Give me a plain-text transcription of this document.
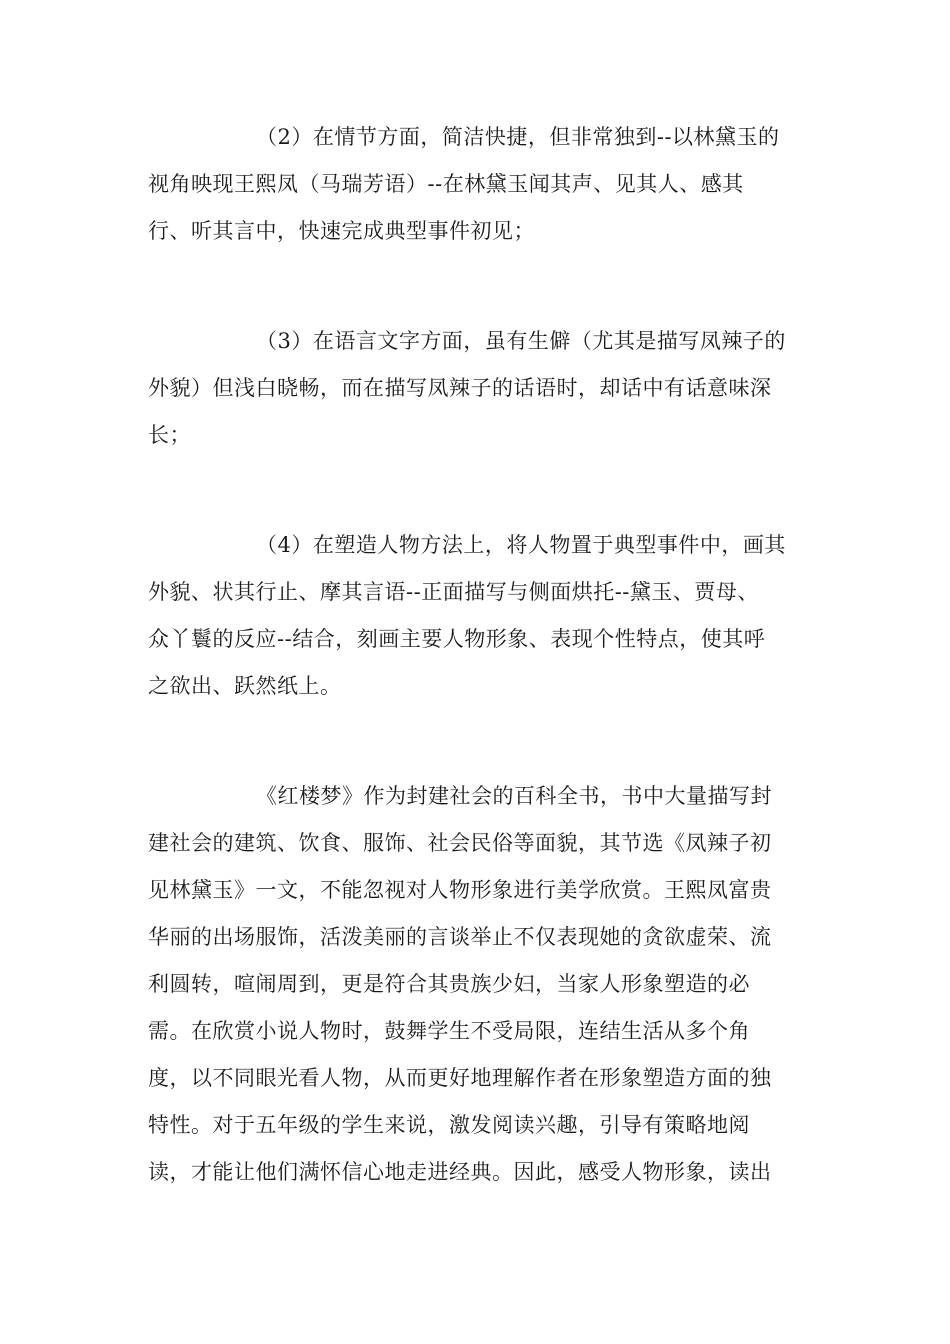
（2）在情节方面，简洁快捷，但非常独到--以林黛玉的
视角映现王熙凤（马瑞芳语）--在林黛玉闻其声、见其人、感其
行、听其言中，快速完成典型事件初见；

（3）在语言文字方面，虽有生僻（尤其是描写凤辣子的
外貌）但浅白晓畅，而在描写凤辣子的话语时，却话中有话意味深
长；

（4）在塑造人物方法上，将人物置于典型事件中，画其
外貌、状其行止、摩其言语--正面描写与侧面烘托--黛玉、贾母、
众丫鬟的反应--结合，刻画主要人物形象、表现个性特点，使其呼
之欲出、跃然纸上。

《红楼梦》作为封建社会的百科全书，书中大量描写封
建社会的建筑、饮食、服饰、社会民俗等面貌，其节选《凤辣子初
见林黛玉》一文，不能忽视对人物形象进行美学欣赏。王熙凤富贵
华丽的出场服饰，活泼美丽的言谈举止不仅表现她的贪欲虚荣、流
利圆转，喧闹周到，更是符合其贵族少妇，当家人形象塑造的必
需。在欣赏小说人物时，鼓舞学生不受局限，连结生活从多个角
度，以不同眼光看人物，从而更好地理解作者在形象塑造方面的独
特性。对于五年级的学生来说，激发阅读兴趣，引导有策略地阅
读，才能让他们满怀信心地走进经典。因此，感受人物形象，读出
